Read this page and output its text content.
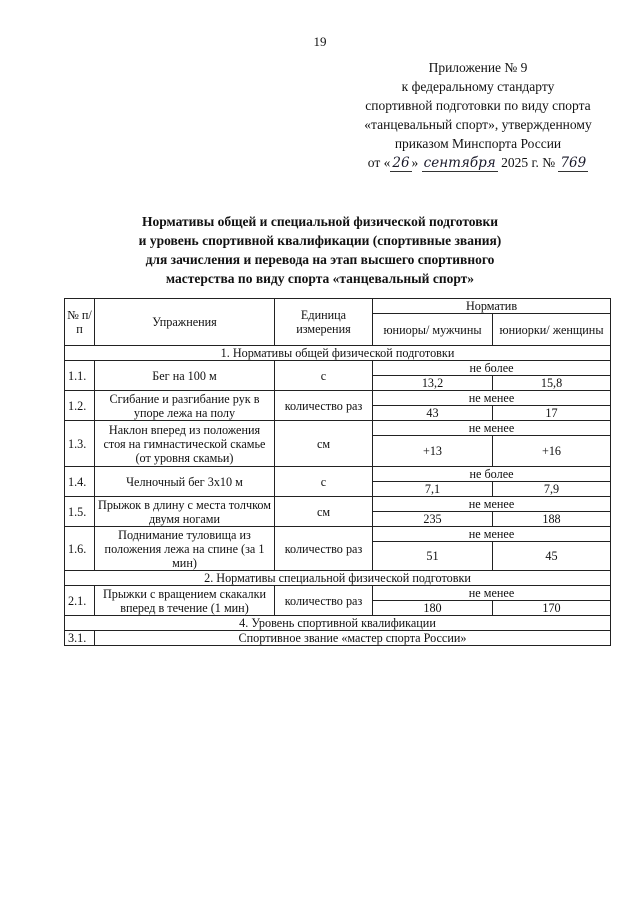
19
Приложение № 9
к федеральному стандарту
спортивной подготовки по виду спорта
«танцевальный спорт», утвержденному
приказом Минспорта России
от « 26 » сентября 2025 г. № 769
Нормативы общей и специальной физической подготовки
и уровень спортивной квалификации (спортивные звания)
для зачисления и перевода на этап высшего спортивного
мастерства по виду спорта «танцевальный спорт»
№ п/п	Упражнения	Единица измерения	Норматив	
			юниоры/ мужчины	юниорки/ женщины
1. Нормативы общей физической подготовки				
1.1.	Бег на 100 м	с	не более	
			13,2	15,8
1.2.	Сгибание и разгибание рук в упоре лежа на полу	количество раз	не менее	
			43	17
1.3.	Наклон вперед из положения стоя на гимнастической скамье (от уровня скамьи)	см	не менее	
			+13	+16
1.4.	Челночный бег 3х10 м	с	не более	
			7,1	7,9
1.5.	Прыжок в длину с места толчком двумя ногами	см	не менее	
			235	188
1.6.	Поднимание туловища из положения лежа на спине (за 1 мин)	количество раз	не менее	
			51	45
2. Нормативы специальной физической подготовки				
2.1.	Прыжки с вращением скакалки вперед в течение (1 мин)	количество раз	не менее	
			180	170
4. Уровень спортивной квалификации				
3.1.	Спортивное звание «мастер спорта России»			
